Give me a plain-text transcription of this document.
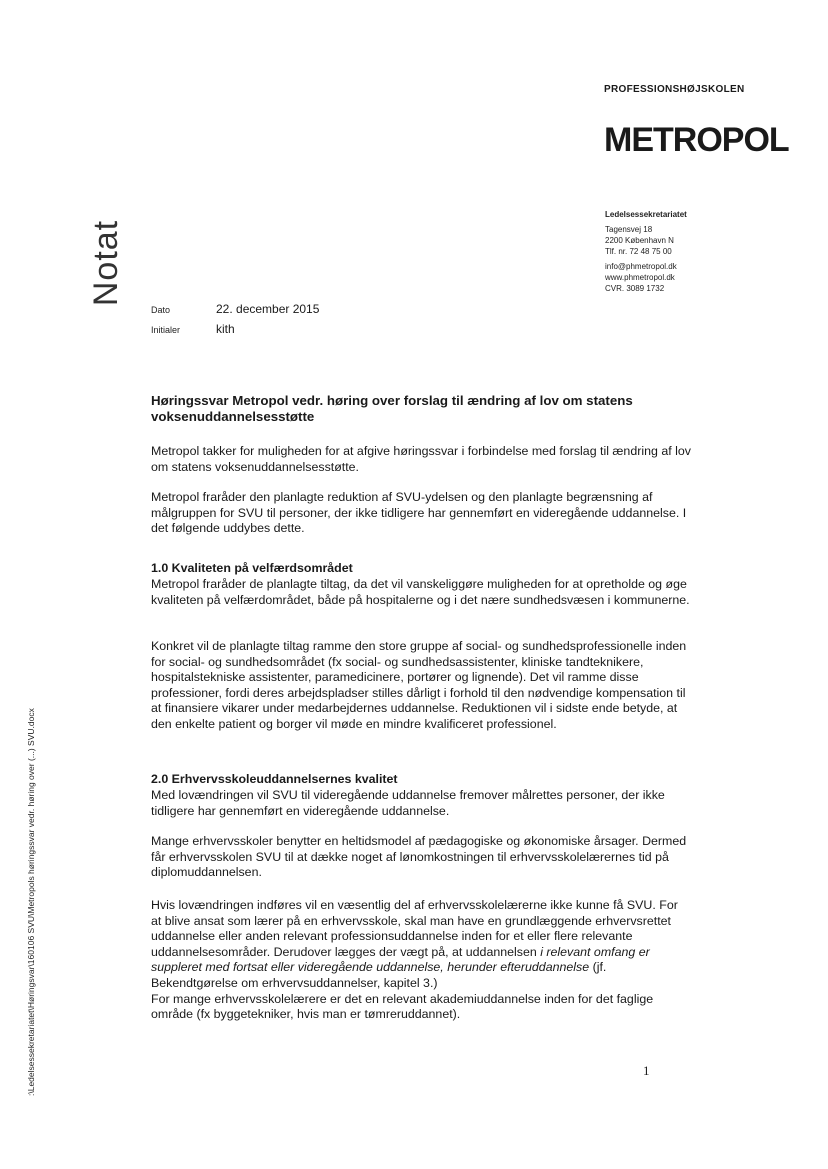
PROFESSIONSHØJSKOLEN
METROPOL
Ledelsessekretariatet
Tagensvej 18
2200 København N
Tlf. nr. 72 48 75 00
info@phmetropol.dk
www.phmetropol.dk
CVR. 3089 1732
Notat
Dato	22. december 2015
Initialer	kith
Høringssvar Metropol vedr. høring over forslag til ændring af lov om statens voksenuddannelsesstøtte
Metropol takker for muligheden for at afgive høringssvar i forbindelse med forslag til ændring af lov om statens voksenuddannelsesstøtte.
Metropol fraråder den planlagte reduktion af SVU-ydelsen og den planlagte begrænsning af målgruppen for SVU til personer, der ikke tidligere har gennemført en videregående uddannelse. I det følgende uddybes dette.
1.0 Kvaliteten på velfærdsområdet
Metropol fraråder de planlagte tiltag, da det vil vanskeliggøre muligheden for at opretholde og øge kvaliteten på velfærdområdet, både på hospitalerne og i det nære sundhedsvæsen i kommunerne.
Konkret vil de planlagte tiltag ramme den store gruppe af social- og sundhedsprofessionelle inden for social- og sundhedsområdet (fx social- og sundhedsassistenter, kliniske tandteknikere, hospitalstekniske assistenter, paramedicinere, portører og lignende). Det vil ramme disse professioner, fordi deres arbejdspladser stilles dårligt i forhold til den nødvendige kompensation til at finansiere vikarer under medarbejdernes uddannelse. Reduktionen vil i sidste ende betyde, at den enkelte patient og borger vil møde en mindre kvalificeret professionel.
2.0 Erhvervsskoleuddannelsernes kvalitet
Med lovændringen vil SVU til videregående uddannelse fremover målrettes personer, der ikke tidligere har gennemført en videregående uddannelse.
Mange erhvervsskoler benytter en heltidsmodel af pædagogiske og økonomiske årsager. Dermed får erhvervsskolen SVU til at dække noget af lønomkostningen til erhvervsskolelærernes tid på diplomuddannelsen.
Hvis lovændringen indføres vil en væsentlig del af erhvervsskolelærerne ikke kunne få SVU. For at blive ansat som lærer på en erhvervsskole, skal man have en grundlæggende erhvervsrettet uddannelse eller anden relevant professionsuddannelse inden for et eller flere relevante uddannelsesområder. Derudover lægges der vægt på, at uddannelsen i relevant omfang er suppleret med fortsat eller videregående uddannelse, herunder efteruddannelse (jf. Bekendtgørelse om erhvervsuddannelser, kapitel 3.)
For mange erhvervsskolelærere er det en relevant akademiuddannelse inden for det faglige område (fx byggetekniker, hvis man er tømreruddannet).
:\Ledelsessekretariatet\Høringsvar\160106 SVU\Metropols høringssvar vedr. høring over (...) SVU.docx	1
